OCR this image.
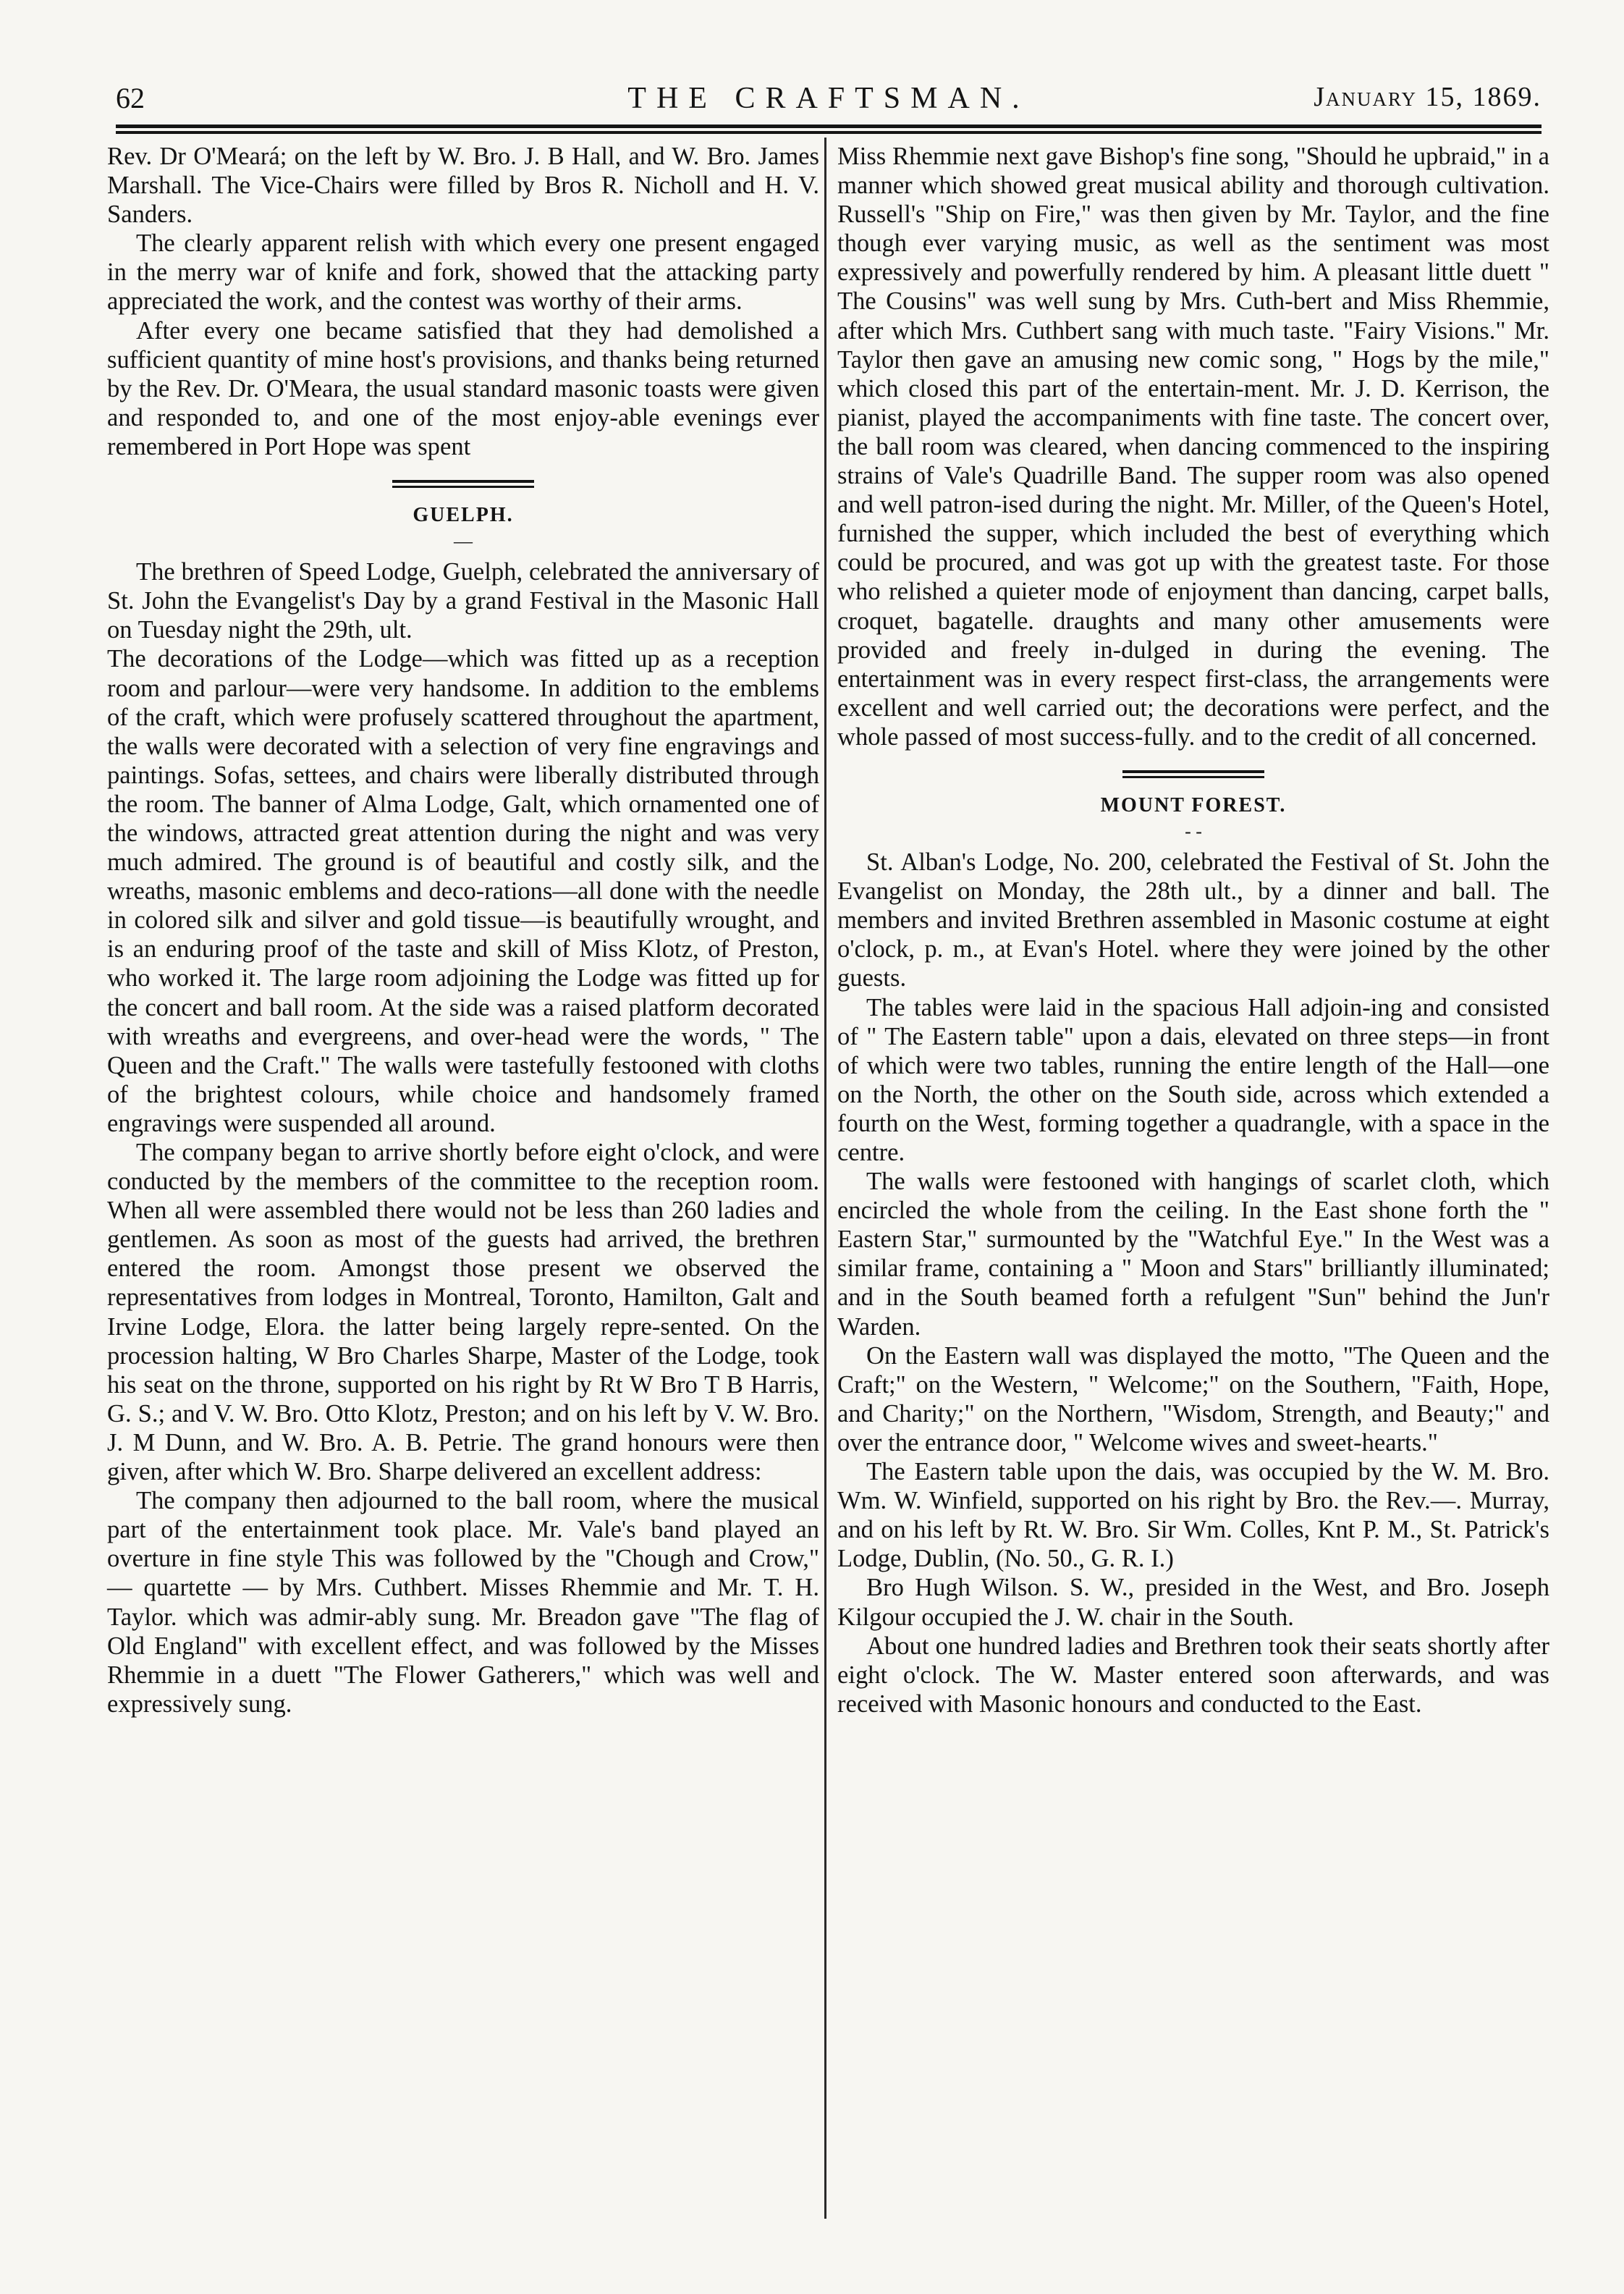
62	THE CRAFTSMAN.	January 15, 1869.

Rev. Dr O'Meará; on the left by W. Bro. J. B Hall, and W. Bro. James Marshall. The Vice-Chairs were filled by Bros R. Nicholl and H. V. Sanders.

The clearly apparent relish with which every one present engaged in the merry war of knife and fork, showed that the attacking party appreciated the work, and the contest was worthy of their arms.

After every one became satisfied that they had demolished a sufficient quantity of mine host's provisions, and thanks being returned by the Rev. Dr. O'Meara, the usual standard masonic toasts were given and responded to, and one of the most enjoy-able evenings ever remembered in Port Hope was spent

GUELPH.
—

The brethren of Speed Lodge, Guelph, celebrated the anniversary of St. John the Evangelist's Day by a grand Festival in the Masonic Hall on Tuesday night the 29th, ult.

The decorations of the Lodge—which was fitted up as a reception room and parlour—were very handsome. In addition to the emblems of the craft, which were profusely scattered throughout the apartment, the walls were decorated with a selection of very fine engravings and paintings. Sofas, settees, and chairs were liberally distributed through the room. The banner of Alma Lodge, Galt, which ornamented one of the windows, attracted great attention during the night and was very much admired. The ground is of beautiful and costly silk, and the wreaths, masonic emblems and deco-rations—all done with the needle in colored silk and silver and gold tissue—is beautifully wrought, and is an enduring proof of the taste and skill of Miss Klotz, of Preston, who worked it. The large room adjoining the Lodge was fitted up for the concert and ball room. At the side was a raised platform decorated with wreaths and evergreens, and over-head were the words, " The Queen and the Craft." The walls were tastefully festooned with cloths of the brightest colours, while choice and handsomely framed engravings were suspended all around.

The company began to arrive shortly before eight o'clock, and were conducted by the members of the committee to the reception room. When all were assembled there would not be less than 260 ladies and gentlemen. As soon as most of the guests had arrived, the brethren entered the room. Amongst those present we observed the representatives from lodges in Montreal, Toronto, Hamilton, Galt and Irvine Lodge, Elora. the latter being largely repre-sented. On the procession halting, W Bro Charles Sharpe, Master of the Lodge, took his seat on the throne, supported on his right by Rt W Bro T B Harris, G. S.; and V. W. Bro. Otto Klotz, Preston; and on his left by V. W. Bro. J. M Dunn, and W. Bro. A. B. Petrie. The grand honours were then given, after which W. Bro. Sharpe delivered an excellent address:

The company then adjourned to the ball room, where the musical part of the entertainment took place. Mr. Vale's band played an overture in fine style This was followed by the "Chough and Crow," — quartette — by Mrs. Cuthbert. Misses Rhemmie and Mr. T. H. Taylor. which was admir-ably sung. Mr. Breadon gave "The flag of Old England" with excellent effect, and was followed by the Misses Rhemmie in a duett "The Flower Gatherers," which was well and expressively sung.

Miss Rhemmie next gave Bishop's fine song, "Should he upbraid," in a manner which showed great musical ability and thorough cultivation. Russell's "Ship on Fire," was then given by Mr. Taylor, and the fine though ever varying music, as well as the sentiment was most expressively and powerfully rendered by him. A pleasant little duett " The Cousins" was well sung by Mrs. Cuth-bert and Miss Rhemmie, after which Mrs. Cuthbert sang with much taste. "Fairy Visions." Mr. Taylor then gave an amusing new comic song, " Hogs by the mile," which closed this part of the entertain-ment. Mr. J. D. Kerrison, the pianist, played the accompaniments with fine taste. The concert over, the ball room was cleared, when dancing commenced to the inspiring strains of Vale's Quadrille Band. The supper room was also opened and well patron-ised during the night. Mr. Miller, of the Queen's Hotel, furnished the supper, which included the best of everything which could be procured, and was got up with the greatest taste. For those who relished a quieter mode of enjoyment than dancing, carpet balls, croquet, bagatelle. draughts and many other amusements were provided and freely in-dulged in during the evening. The entertainment was in every respect first-class, the arrangements were excellent and well carried out; the decorations were perfect, and the whole passed of most success-fully. and to the credit of all concerned.

MOUNT FOREST.
- -

St. Alban's Lodge, No. 200, celebrated the Festival of St. John the Evangelist on Monday, the 28th ult., by a dinner and ball. The members and invited Brethren assembled in Masonic costume at eight o'clock, p. m., at Evan's Hotel. where they were joined by the other guests.

The tables were laid in the spacious Hall adjoin-ing and consisted of " The Eastern table" upon a dais, elevated on three steps—in front of which were two tables, running the entire length of the Hall—one on the North, the other on the South side, across which extended a fourth on the West, forming together a quadrangle, with a space in the centre.

The walls were festooned with hangings of scarlet cloth, which encircled the whole from the ceiling. In the East shone forth the " Eastern Star," surmounted by the "Watchful Eye." In the West was a similar frame, containing a " Moon and Stars" brilliantly illuminated; and in the South beamed forth a refulgent "Sun" behind the Jun'r Warden.

On the Eastern wall was displayed the motto, "The Queen and the Craft;" on the Western, " Welcome;" on the Southern, "Faith, Hope, and Charity;" on the Northern, "Wisdom, Strength, and Beauty;" and over the entrance door, " Welcome wives and sweet-hearts."

The Eastern table upon the dais, was occupied by the W. M. Bro. Wm. W. Winfield, supported on his right by Bro. the Rev.—. Murray, and on his left by Rt. W. Bro. Sir Wm. Colles, Knt P. M., St. Patrick's Lodge, Dublin, (No. 50., G. R. I.)

Bro Hugh Wilson. S. W., presided in the West, and Bro. Joseph Kilgour occupied the J. W. chair in the South.

About one hundred ladies and Brethren took their seats shortly after eight o'clock. The W. Master entered soon afterwards, and was received with Masonic honours and conducted to the East.
